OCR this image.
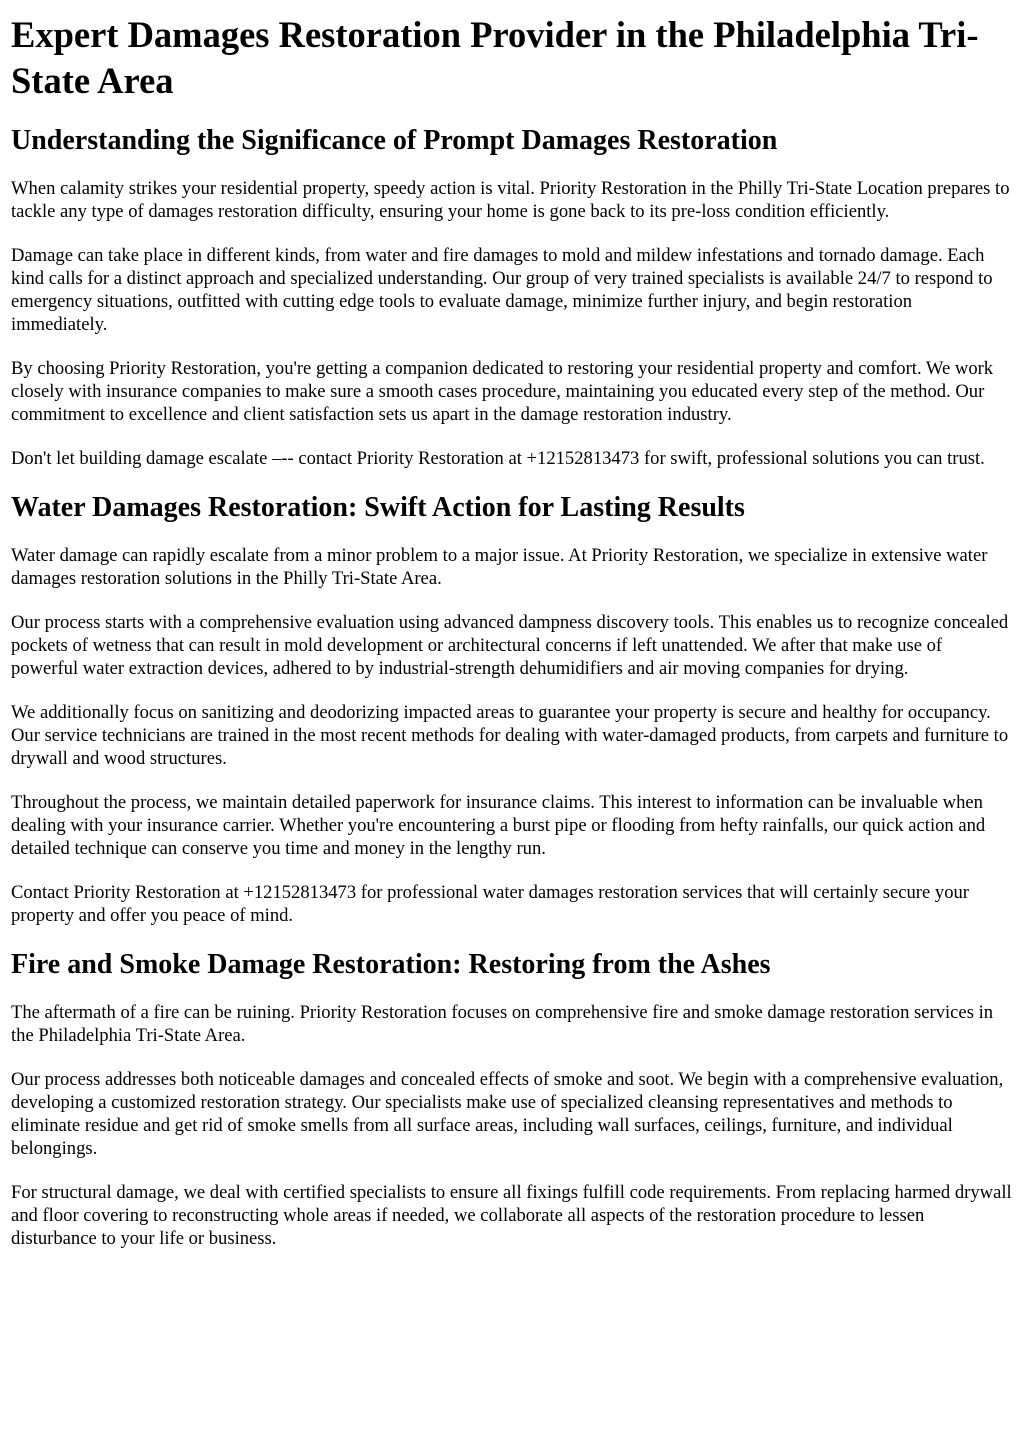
Expert Damages Restoration Provider in the Philadelphia Tri-State Area
Understanding the Significance of Prompt Damages Restoration

When calamity strikes your residential property, speedy action is vital. Priority Restoration in the Philly Tri-State Location prepares to tackle any type of damages restoration difficulty, ensuring your home is gone back to its pre-loss condition efficiently.

Damage can take place in different kinds, from water and fire damages to mold and mildew infestations and tornado damage. Each kind calls for a distinct approach and specialized understanding. Our group of very trained specialists is available 24/7 to respond to emergency situations, outfitted with cutting edge tools to evaluate damage, minimize further injury, and begin restoration immediately.

By choosing Priority Restoration, you're getting a companion dedicated to restoring your residential property and comfort. We work closely with insurance companies to make sure a smooth cases procedure, maintaining you educated every step of the method. Our commitment to excellence and client satisfaction sets us apart in the damage restoration industry.

Don't let building damage escalate –-- contact Priority Restoration at +12152813473 for swift, professional solutions you can trust.

Water Damages Restoration: Swift Action for Lasting Results

Water damage can rapidly escalate from a minor problem to a major issue. At Priority Restoration, we specialize in extensive water damages restoration solutions in the Philly Tri-State Area.

Our process starts with a comprehensive evaluation using advanced dampness discovery tools. This enables us to recognize concealed pockets of wetness that can result in mold development or architectural concerns if left unattended. We after that make use of powerful water extraction devices, adhered to by industrial-strength dehumidifiers and air moving companies for drying.

We additionally focus on sanitizing and deodorizing impacted areas to guarantee your property is secure and healthy for occupancy. Our service technicians are trained in the most recent methods for dealing with water-damaged products, from carpets and furniture to drywall and wood structures.

Throughout the process, we maintain detailed paperwork for insurance claims. This interest to information can be invaluable when dealing with your insurance carrier. Whether you're encountering a burst pipe or flooding from hefty rainfalls, our quick action and detailed technique can conserve you time and money in the lengthy run.

Contact Priority Restoration at +12152813473 for professional water damages restoration services that will certainly secure your property and offer you peace of mind.

Fire and Smoke Damage Restoration: Restoring from the Ashes

The aftermath of a fire can be ruining. Priority Restoration focuses on comprehensive fire and smoke damage restoration services in the Philadelphia Tri-State Area.

Our process addresses both noticeable damages and concealed effects of smoke and soot. We begin with a comprehensive evaluation, developing a customized restoration strategy. Our specialists make use of specialized cleansing representatives and methods to eliminate residue and get rid of smoke smells from all surface areas, including wall surfaces, ceilings, furniture, and individual belongings.

For structural damage, we deal with certified specialists to ensure all fixings fulfill code requirements. From replacing harmed drywall and floor covering to reconstructing whole areas if needed, we collaborate all aspects of the restoration procedure to lessen disturbance to your life or business.
